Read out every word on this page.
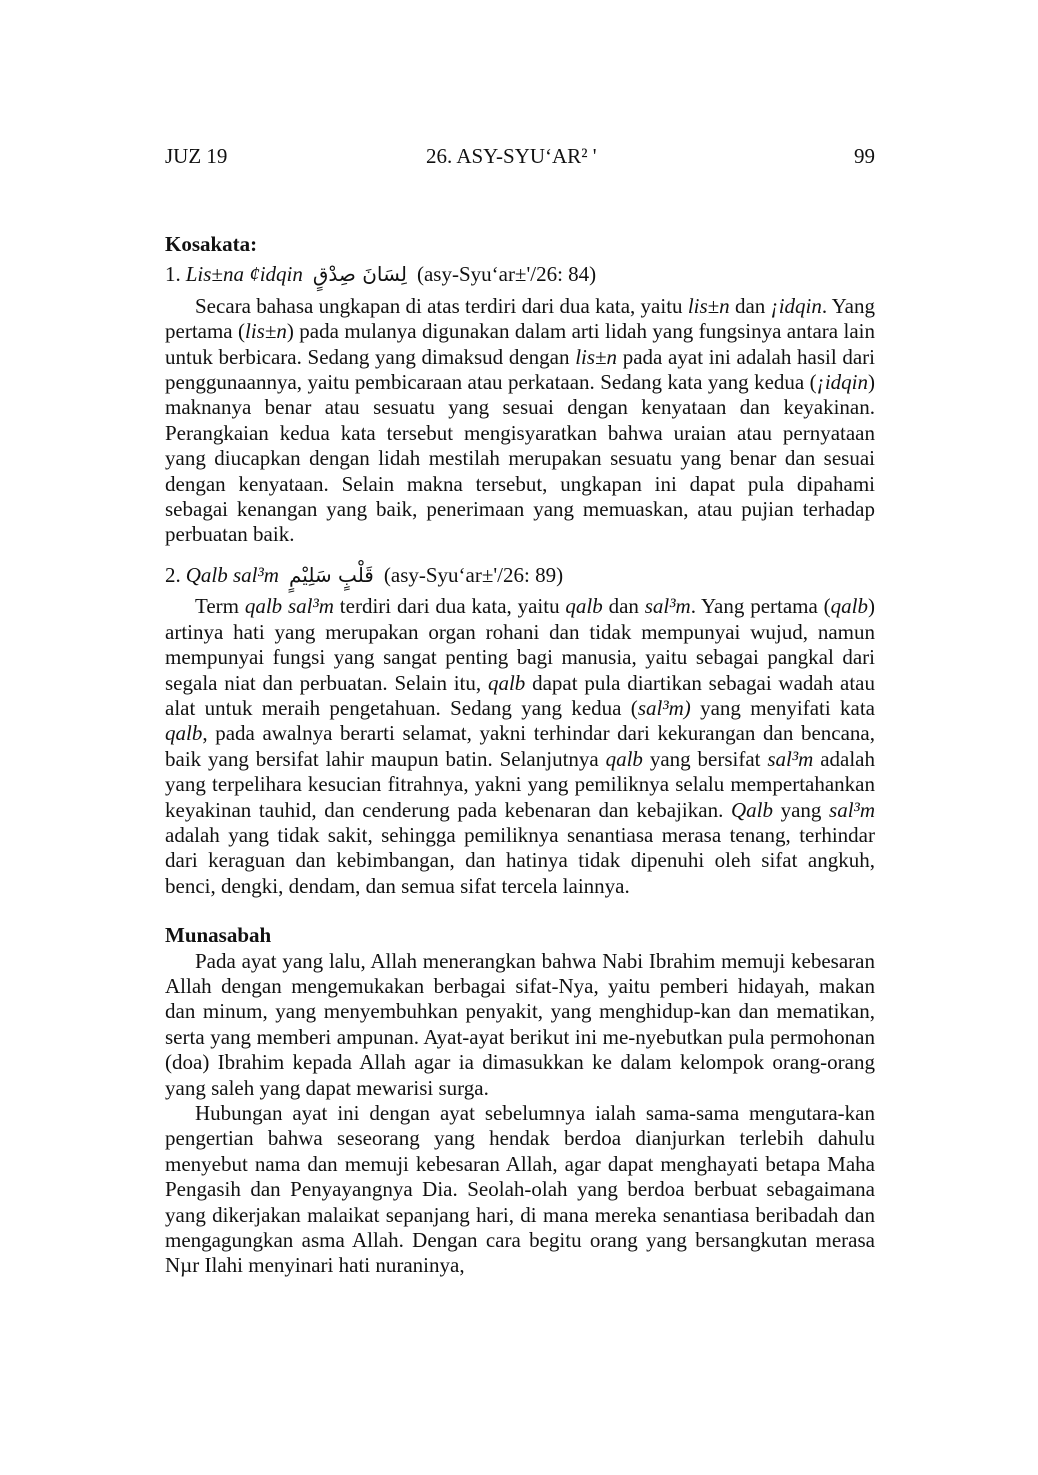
JUZ 19	26. ASY-SYU‘AR² '	99

Kosakata:

1. Lis±na ¢idqin لِسَانَ صِدْقٍ (asy-Syu‘ar±'/26: 84)

Secara bahasa ungkapan di atas terdiri dari dua kata, yaitu lis±n dan ¡idqin. Yang pertama (lis±n) pada mulanya digunakan dalam arti lidah yang fungsinya antara lain untuk berbicara. Sedang yang dimaksud dengan lis±n pada ayat ini adalah hasil dari penggunaannya, yaitu pembicaraan atau perkataan. Sedang kata yang kedua (¡idqin) maknanya benar atau sesuatu yang sesuai dengan kenyataan dan keyakinan. Perangkaian kedua kata tersebut mengisyaratkan bahwa uraian atau pernyataan yang diucapkan dengan lidah mestilah merupakan sesuatu yang benar dan sesuai dengan kenyataan. Selain makna tersebut, ungkapan ini dapat pula dipahami sebagai kenangan yang baik, penerimaan yang memuaskan, atau pujian terhadap perbuatan baik.

2. Qalb sal³m قَلْبٍ سَلِيْمٍ (asy-Syu‘ar±'/26: 89)

Term qalb sal³m terdiri dari dua kata, yaitu qalb dan sal³m. Yang pertama (qalb) artinya hati yang merupakan organ rohani dan tidak mempunyai wujud, namun mempunyai fungsi yang sangat penting bagi manusia, yaitu sebagai pangkal dari segala niat dan perbuatan. Selain itu, qalb dapat pula diartikan sebagai wadah atau alat untuk meraih pengetahuan. Sedang yang kedua (sal³m) yang menyifati kata qalb, pada awalnya berarti selamat, yakni terhindar dari kekurangan dan bencana, baik yang bersifat lahir maupun batin. Selanjutnya qalb yang bersifat sal³m adalah yang terpelihara kesucian fitrahnya, yakni yang pemiliknya selalu mempertahankan keyakinan tauhid, dan cenderung pada kebenaran dan kebajikan. Qalb yang sal³m adalah yang tidak sakit, sehingga pemiliknya senantiasa merasa tenang, terhindar dari keraguan dan kebimbangan, dan hatinya tidak dipenuhi oleh sifat angkuh, benci, dengki, dendam, dan semua sifat tercela lainnya.

Munasabah

Pada ayat yang lalu, Allah menerangkan bahwa Nabi Ibrahim memuji kebesaran Allah dengan mengemukakan berbagai sifat-Nya, yaitu pemberi hidayah, makan dan minum, yang menyembuhkan penyakit, yang menghidup-kan dan mematikan, serta yang memberi ampunan. Ayat-ayat berikut ini me-nyebutkan pula permohonan (doa) Ibrahim kepada Allah agar ia dimasukkan ke dalam kelompok orang-orang yang saleh yang dapat mewarisi surga.

Hubungan ayat ini dengan ayat sebelumnya ialah sama-sama mengutara-kan pengertian bahwa seseorang yang hendak berdoa dianjurkan terlebih dahulu menyebut nama dan memuji kebesaran Allah, agar dapat menghayati betapa Maha Pengasih dan Penyayangnya Dia. Seolah-olah yang berdoa berbuat sebagaimana yang dikerjakan malaikat sepanjang hari, di mana mereka senantiasa beribadah dan mengagungkan asma Allah. Dengan cara begitu orang yang bersangkutan merasa Nµr Ilahi menyinari hati nuraninya,
